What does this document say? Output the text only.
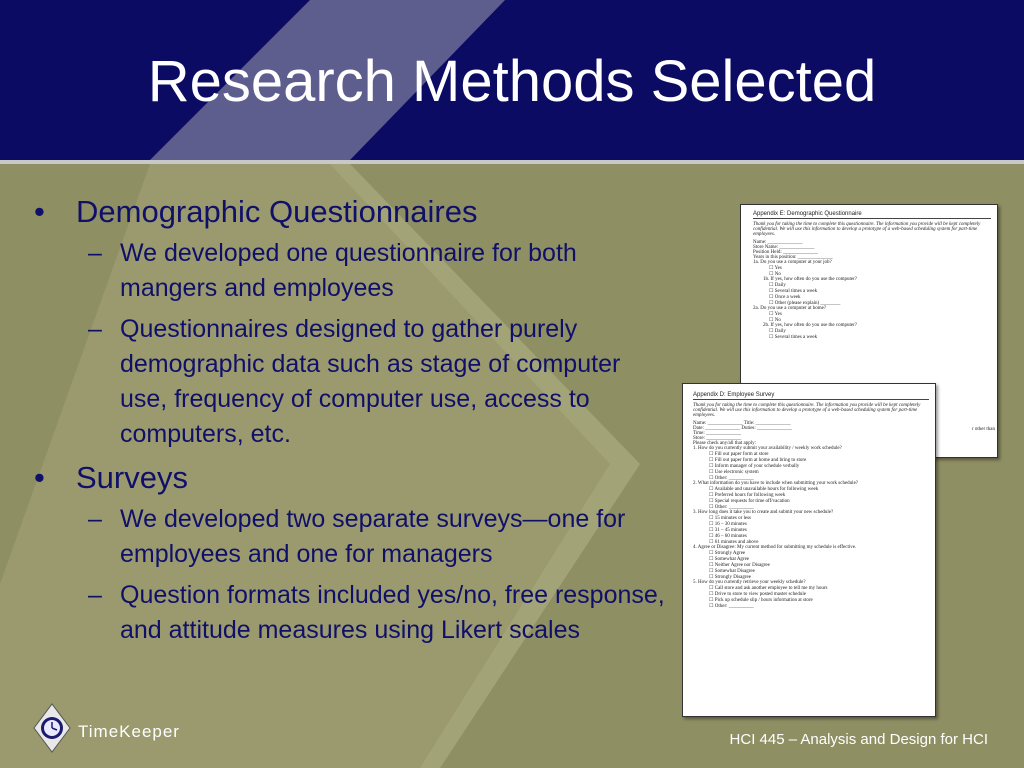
Research Methods Selected
• Demographic Questionnaires
– We developed one questionnaire for both mangers and employees
– Questionnaires designed to gather purely demographic data such as stage of computer use, frequency of computer use, access to computers, etc.
• Surveys
– We developed two separate surveys—one for employees and one for managers
– Question formats included yes/no, free response, and attitude measures using Likert scales
Appendix E: Demographic Questionnaire
Thank you for taking the time to complete this questionnaire. The information you provide will be kept completely confidential. We will use this information to develop a prototype of a web-based scheduling system for part-time employees.
Name: ______________
Store Name: ______________
Position Held: ______________
Years in this position: ______________
1a. Do you use a computer at your job?
☐ Yes
☐ No
1b. If yes, how often do you use the computer?
☐ Daily
☐ Several times a week
☐ Once a week
☐ Other (please explain) ________
2a. Do you use a computer at home?
☐ Yes
☐ No
2b. If yes, how often do you use the computer?
☐ Daily
☐ Several times a week
r other than
Appendix D: Employee Survey
Thank you for taking the time to complete this questionnaire. The information you provide will be kept completely confidential. We will use this information to develop a prototype of a web-based scheduling system for part-time employees.
Name: ______________ Title: ______________
Date: ______________ Duties: ______________
Time: ______________
Store: ______________
Please check any/all that apply:
1. How do you currently submit your availability / weekly work schedule?
☐ Fill out paper form at store
☐ Fill out paper form at home and bring to store
☐ Inform manager of your schedule verbally
☐ Use electronic system
☐ Other: __________
2. What information do you have to include when submitting your work schedule?
☐ Available and unavailable hours for following week
☐ Preferred hours for following week
☐ Special requests for time off/vacation
☐ Other: __________
3. How long does it take you to create and submit your new schedule?
☐ 15 minutes or less
☐ 16 – 30 minutes
☐ 31 – 45 minutes
☐ 46 – 60 minutes
☐ 61 minutes and above
4. Agree or Disagree: My current method for submitting my schedule is effective.
☐ Strongly Agree
☐ Somewhat Agree
☐ Neither Agree nor Disagree
☐ Somewhat Disagree
☐ Strongly Disagree
5. How do you currently retrieve your weekly schedule?
☐ Call store and ask another employee to tell me my hours
☐ Drive to store to view posted master schedule
☐ Pick up schedule slip / hours information at store
☐ Other: __________
TimeKeeper	HCI 445 – Analysis and Design for HCI
